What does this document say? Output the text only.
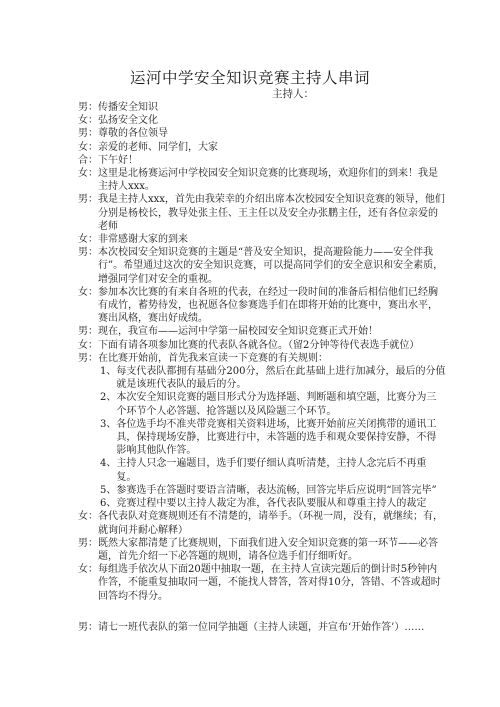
运河中学安全知识竞赛主持人串词
主持人：
男： 传播安全知识
女： 弘扬安全文化
男： 尊敬的各位领导
女： 亲爱的老师、同学们，大家
合： 下午好！
女： 这里是北杨赛运河中学校园安全知识竞赛的比赛现场，欢迎你们的到来！我是主持人xxx。
男： 我是主持人xxx，首先由我荣幸的介绍出席本次校园安全知识竞赛的领导，他们分别是杨校长，教导处张主任、王主任以及安全办张鹏主任，还有各位亲爱的老师
女： 非常感谢大家的到来
男： 本次校园安全知识竞赛的主题是“普及安全知识，提高避险能力——安全伴我行”。希望通过这次的安全知识竞赛，可以提高同学们的安全意识和安全素质，增强同学们对安全的重视。
女： 参加本次比赛的有来自各班的代表，在经过一段时间的准备后相信他们已经胸有成竹，蓄势待发，也祝愿各位参赛选手们在即将开始的比赛中，赛出水平，赛出风格，赛出好成绩。
男： 现在，我宣布——运河中学第一届校园安全知识竞赛正式开始！
女： 下面有请各项参加比赛的代表队各就各位。（留2分钟等待代表选手就位）
男： 在比赛开始前，首先我来宣读一下竞赛的有关规则：
1、 每支代表队都拥有基础分200分，然后在此基础上进行加减分，最后的分值就是该班代表队的最后的分。
2、 本次安全知识竞赛的题目形式分为选择题、判断题和填空题，比赛分为三个环节个人必答题、抢答题以及风险题三个环节。
3、 各位选手均不准夹带竞赛相关资料进场，比赛开始前应关闭携带的通讯工具，保持现场安静，比赛进行中，未答题的选手和观众要保持安静，不得影响其他队作答。
4、 主持人只念一遍题目，选手们要仔细认真听清楚，主持人念完后不再重复。
5、 参赛选手在答题时要语言清晰，表达流畅，回答完毕后应说明“回答完毕”
6、 竞赛过程中要以主持人裁定为准，各代表队要服从和尊重主持人的裁定
女： 各代表队对竞赛规则还有不清楚的，请举手。（环视一周，没有，就继续；有，就询问并耐心解释）
男： 既然大家都清楚了比赛规则，下面我们进入安全知识竞赛的第一环节——必答题，首先介绍一下必答题的规则，请各位选手们仔细听好。
女： 每组选手依次从下面20题中抽取一题，在主持人宣读完题后的倒计时5秒钟内作答，不能重复抽取同一题，不能找人替答，答对得10分，答错、不答或超时回答均不得分。
男： 请七一班代表队的第一位同学抽题（主持人读题，并宣布‘开始作答’）……
